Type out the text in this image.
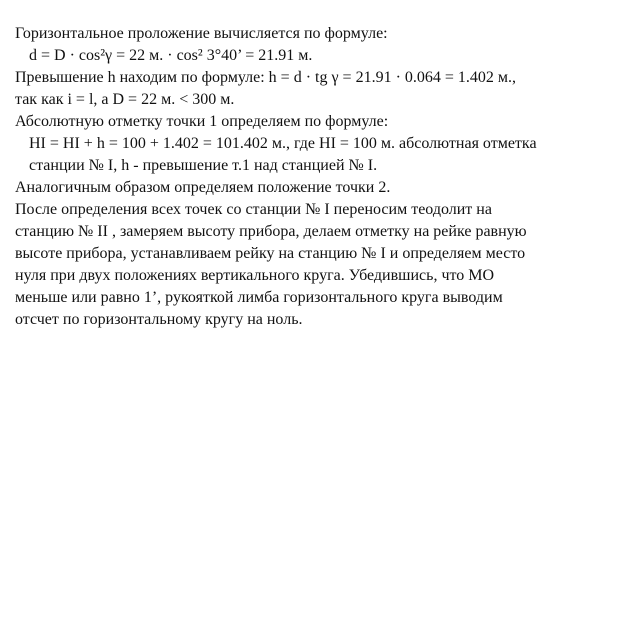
Горизонтальное проложение вычисляется по формуле:
d = D · cos²γ = 22 м. · cos² 3°40’ = 21.91 м.
Превышение h находим по формуле: h = d · tg γ = 21.91 · 0.064 = 1.402 м.,
так как i = l, а D = 22 м. < 300 м.
Абсолютную отметку точки 1 определяем по формуле:
HI = HI + h = 100 + 1.402 = 101.402 м., где HI = 100 м. абсолютная отметка
станции № I, h - превышение т.1 над станцией № I.
Аналогичным образом определяем положение точки 2.
После определения всех точек со станции № I переносим теодолит на
станцию № II , замеряем высоту прибора, делаем отметку на рейке равную
высоте прибора, устанавливаем рейку на станцию № I и определяем место
нуля при двух положениях вертикального круга. Убедившись, что МО
меньше или равно 1’, рукояткой лимба горизонтального круга выводим
отсчет по горизонтальному кругу на ноль.
